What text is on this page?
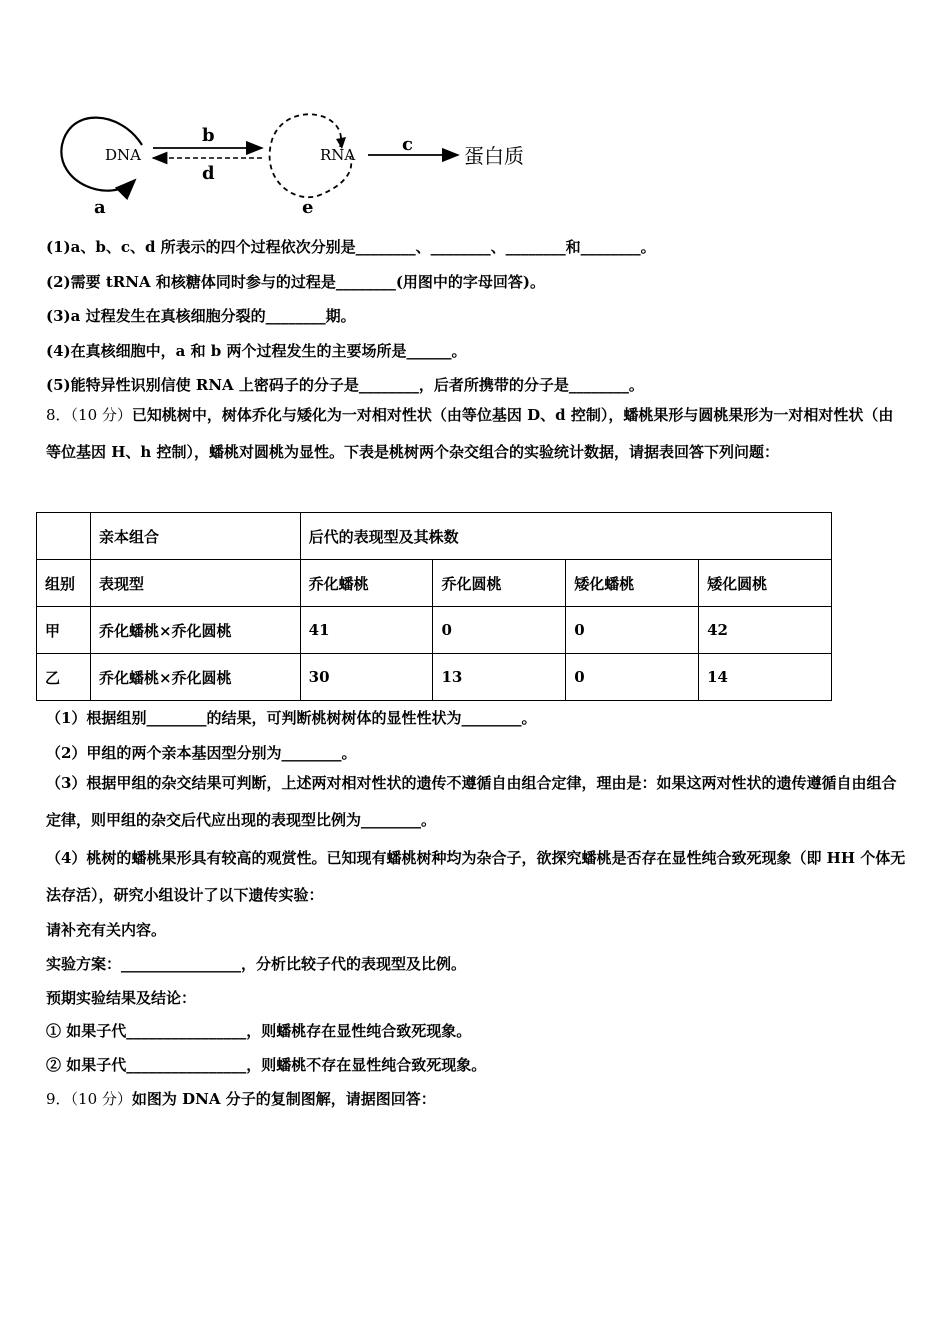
DNA
b
d
RNA	c	蛋白质
a	e
(1)a、b、c、d 所表示的四个过程依次分别是________、________、________和________。
(2)需要 tRNA 和核糖体同时参与的过程是________(用图中的字母回答)。
(3)a 过程发生在真核细胞分裂的________期。
(4)在真核细胞中，a 和 b 两个过程发生的主要场所是______。
(5)能特异性识别信使 RNA 上密码子的分子是________，后者所携带的分子是________。
8．（10 分）已知桃树中，树体乔化与矮化为一对相对性状（由等位基因 D、d 控制），蟠桃果形与圆桃果形为一对相对性状（由等位基因 H、h 控制），蟠桃对圆桃为显性。下表是桃树两个杂交组合的实验统计数据，请据表回答下列问题：
	亲本组合	后代的表现型及其株数			
组别	表现型	乔化蟠桃	乔化圆桃	矮化蟠桃	矮化圆桃
甲	乔化蟠桃×乔化圆桃	41	0	0	42
乙	乔化蟠桃×乔化圆桃	30	13	0	14
（1）根据组别________的结果，可判断桃树树体的显性性状为________。
（2）甲组的两个亲本基因型分别为________。
（3）根据甲组的杂交结果可判断，上述两对相对性状的遗传不遵循自由组合定律，理由是：如果这两对性状的遗传遵循自由组合定律，则甲组的杂交后代应出现的表现型比例为________。
（4）桃树的蟠桃果形具有较高的观赏性。已知现有蟠桃树种均为杂合子，欲探究蟠桃是否存在显性纯合致死现象（即 HH 个体无法存活），研究小组设计了以下遗传实验：
请补充有关内容。
实验方案：________________，分析比较子代的表现型及比例。
预期实验结果及结论：
① 如果子代________________，则蟠桃存在显性纯合致死现象。
② 如果子代________________，则蟠桃不存在显性纯合致死现象。
9．（10 分）如图为 DNA 分子的复制图解，请据图回答：
